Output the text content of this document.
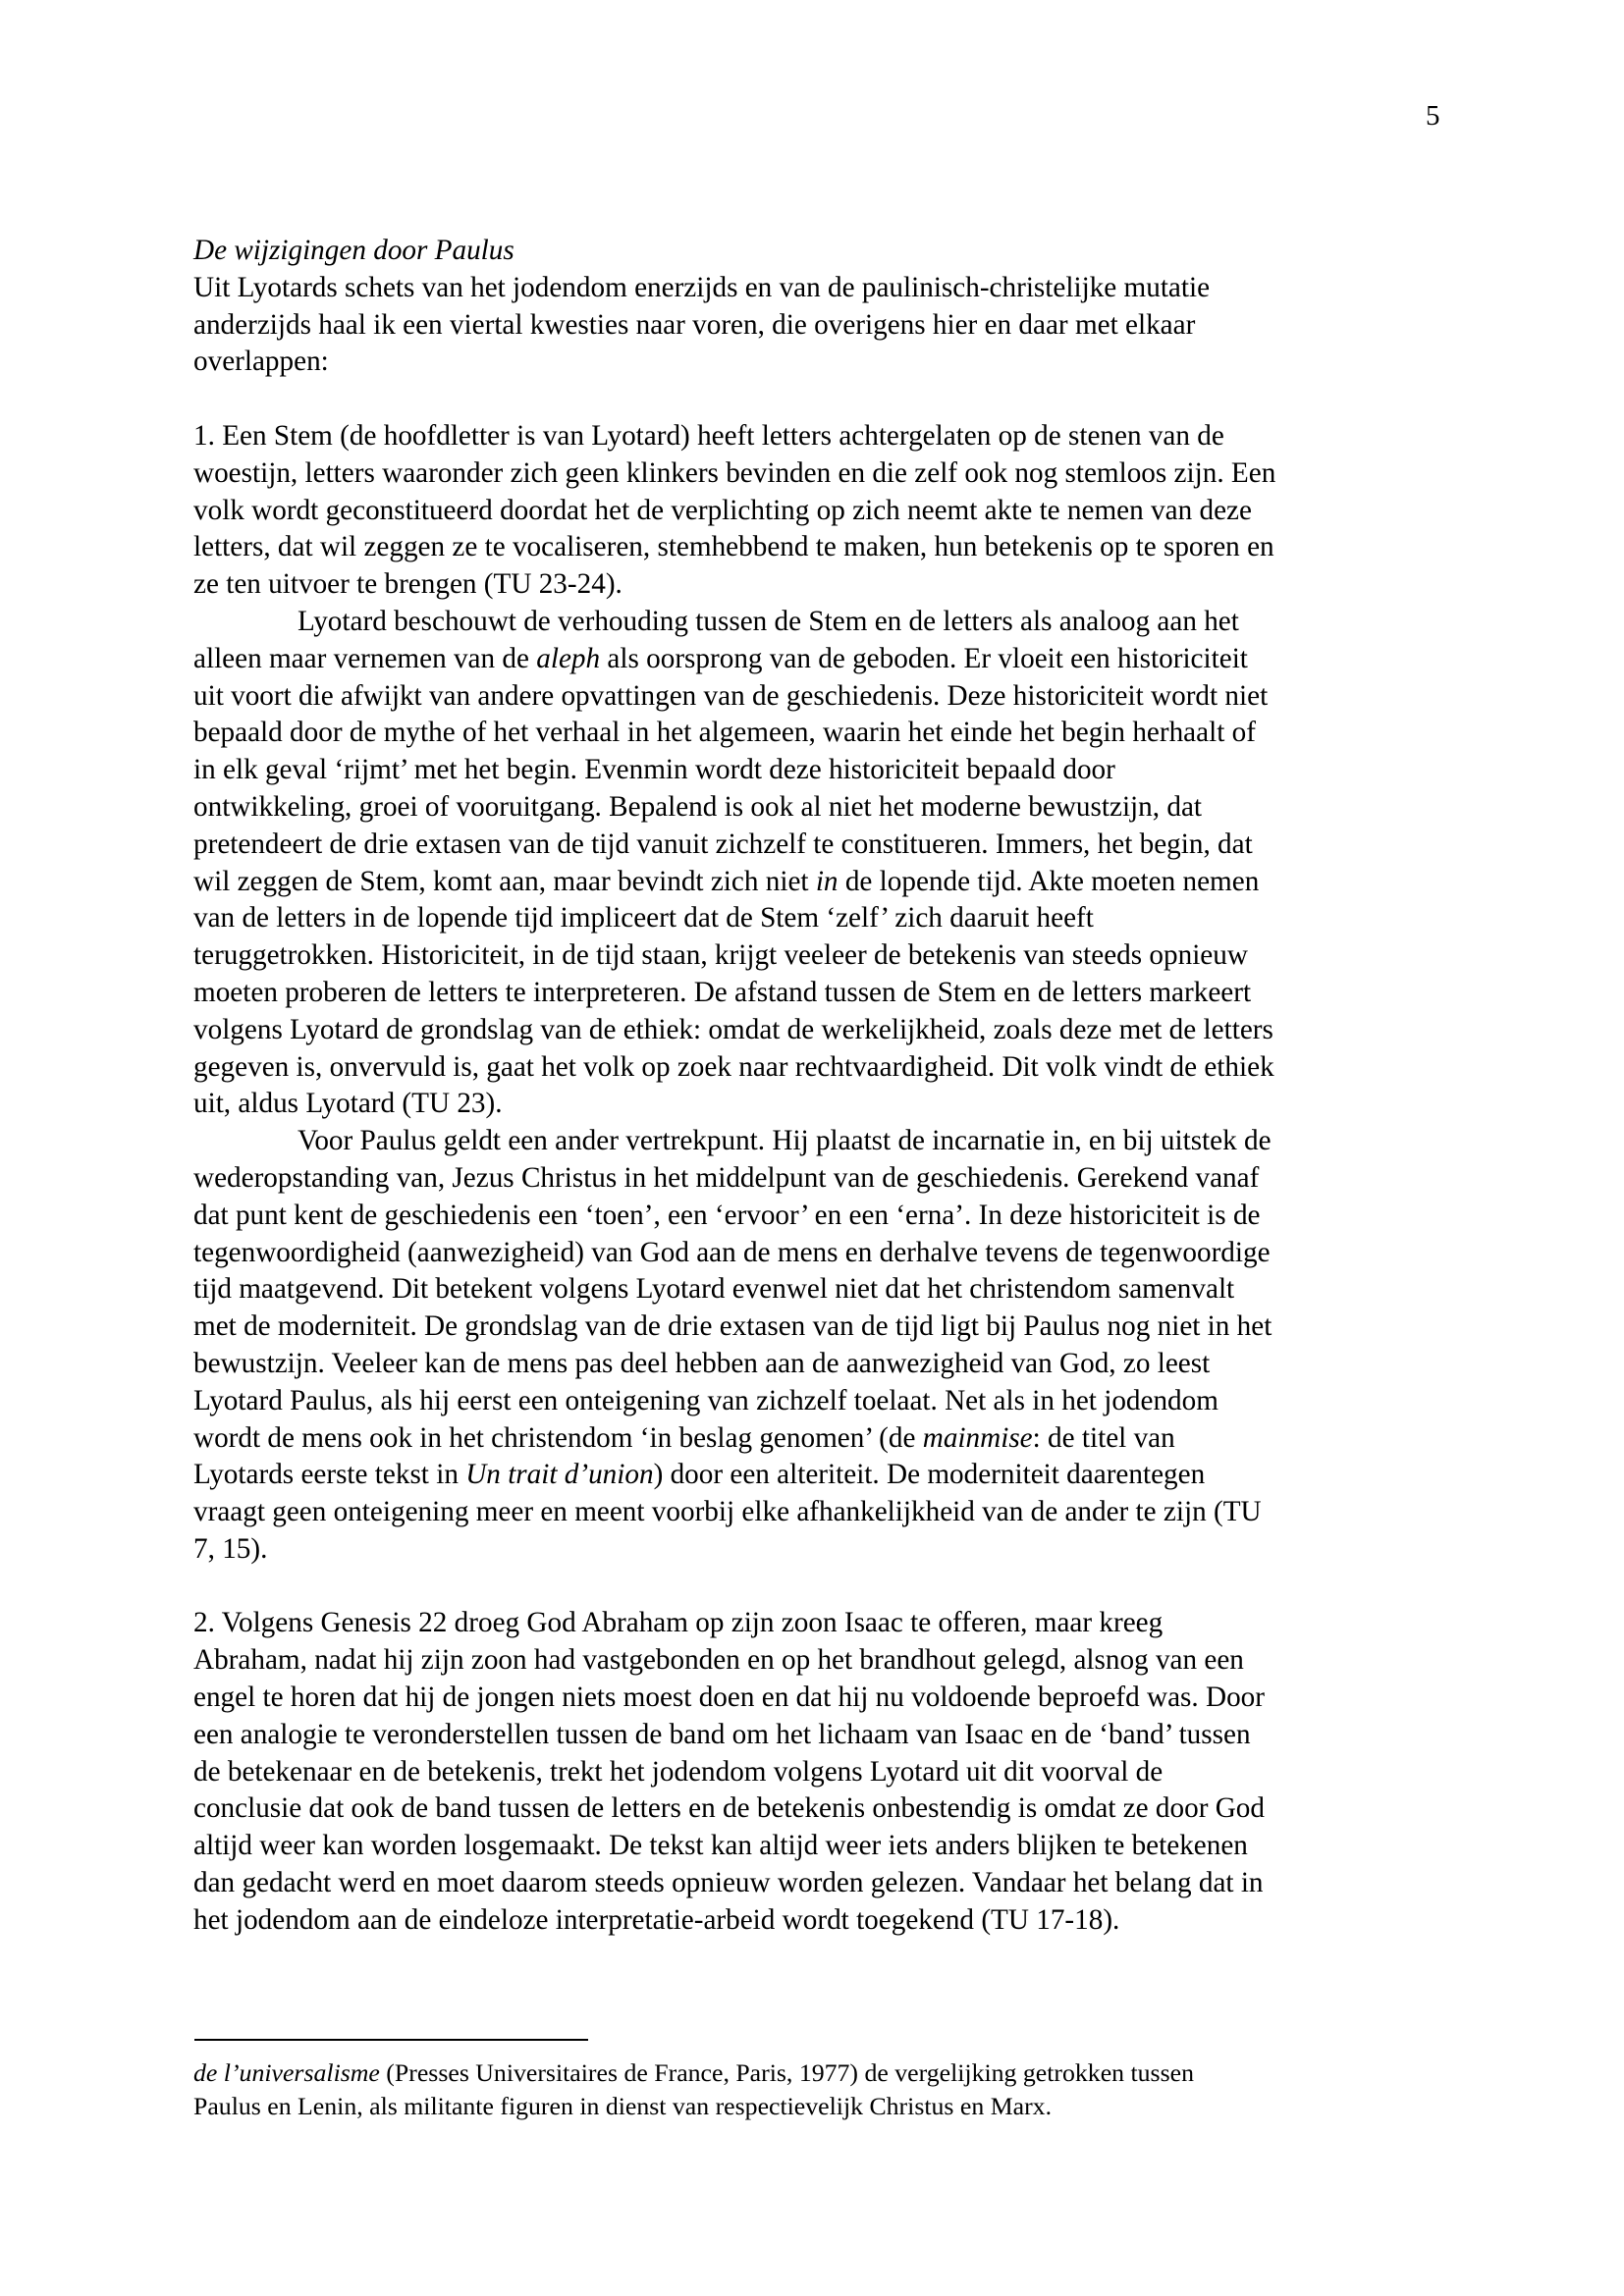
5
De wijzigingen door Paulus
Uit Lyotards schets van het jodendom enerzijds en van de paulinisch-christelijke mutatie
anderzijds haal ik een viertal kwesties naar voren, die overigens hier en daar met elkaar
overlappen:
1. Een Stem (de hoofdletter is van Lyotard) heeft letters achtergelaten op de stenen van de
woestijn, letters waaronder zich geen klinkers bevinden en die zelf ook nog stemloos zijn. Een
volk wordt geconstitueerd doordat het de verplichting op zich neemt akte te nemen van deze
letters, dat wil zeggen ze te vocaliseren, stemhebbend te maken, hun betekenis op te sporen en
ze ten uitvoer te brengen (TU 23-24).
Lyotard beschouwt de verhouding tussen de Stem en de letters als analoog aan het
alleen maar vernemen van de aleph als oorsprong van de geboden. Er vloeit een historiciteit
uit voort die afwijkt van andere opvattingen van de geschiedenis. Deze historiciteit wordt niet
bepaald door de mythe of het verhaal in het algemeen, waarin het einde het begin herhaalt of
in elk geval ‘rijmt’ met het begin. Evenmin wordt deze historiciteit bepaald door
ontwikkeling, groei of vooruitgang. Bepalend is ook al niet het moderne bewustzijn, dat
pretendeert de drie extasen van de tijd vanuit zichzelf te constitueren. Immers, het begin, dat
wil zeggen de Stem, komt aan, maar bevindt zich niet in de lopende tijd. Akte moeten nemen
van de letters in de lopende tijd impliceert dat de Stem ‘zelf’ zich daaruit heeft
teruggetrokken. Historiciteit, in de tijd staan, krijgt veeleer de betekenis van steeds opnieuw
moeten proberen de letters te interpreteren. De afstand tussen de Stem en de letters markeert
volgens Lyotard de grondslag van de ethiek: omdat de werkelijkheid, zoals deze met de letters
gegeven is, onvervuld is, gaat het volk op zoek naar rechtvaardigheid. Dit volk vindt de ethiek
uit, aldus Lyotard (TU 23).
Voor Paulus geldt een ander vertrekpunt. Hij plaatst de incarnatie in, en bij uitstek de
wederopstanding van, Jezus Christus in het middelpunt van de geschiedenis. Gerekend vanaf
dat punt kent de geschiedenis een ‘toen’, een ‘ervoor’ en een ‘erna’. In deze historiciteit is de
tegenwoordigheid (aanwezigheid) van God aan de mens en derhalve tevens de tegenwoordige
tijd maatgevend. Dit betekent volgens Lyotard evenwel niet dat het christendom samenvalt
met de moderniteit. De grondslag van de drie extasen van de tijd ligt bij Paulus nog niet in het
bewustzijn. Veeleer kan de mens pas deel hebben aan de aanwezigheid van God, zo leest
Lyotard Paulus, als hij eerst een onteigening van zichzelf toelaat. Net als in het jodendom
wordt de mens ook in het christendom ‘in beslag genomen’ (de mainmise: de titel van
Lyotards eerste tekst in Un trait d’union) door een alteriteit. De moderniteit daarentegen
vraagt geen onteigening meer en meent voorbij elke afhankelijkheid van de ander te zijn (TU
7, 15).
2. Volgens Genesis 22 droeg God Abraham op zijn zoon Isaac te offeren, maar kreeg
Abraham, nadat hij zijn zoon had vastgebonden en op het brandhout gelegd, alsnog van een
engel te horen dat hij de jongen niets moest doen en dat hij nu voldoende beproefd was. Door
een analogie te veronderstellen tussen de band om het lichaam van Isaac en de ‘band’ tussen
de betekenaar en de betekenis, trekt het jodendom volgens Lyotard uit dit voorval de
conclusie dat ook de band tussen de letters en de betekenis onbestendig is omdat ze door God
altijd weer kan worden losgemaakt. De tekst kan altijd weer iets anders blijken te betekenen
dan gedacht werd en moet daarom steeds opnieuw worden gelezen. Vandaar het belang dat in
het jodendom aan de eindeloze interpretatie-arbeid wordt toegekend (TU 17-18).
de l’universalisme (Presses Universitaires de France, Paris, 1977) de vergelijking getrokken tussen
Paulus en Lenin, als militante figuren in dienst van respectievelijk Christus en Marx.
